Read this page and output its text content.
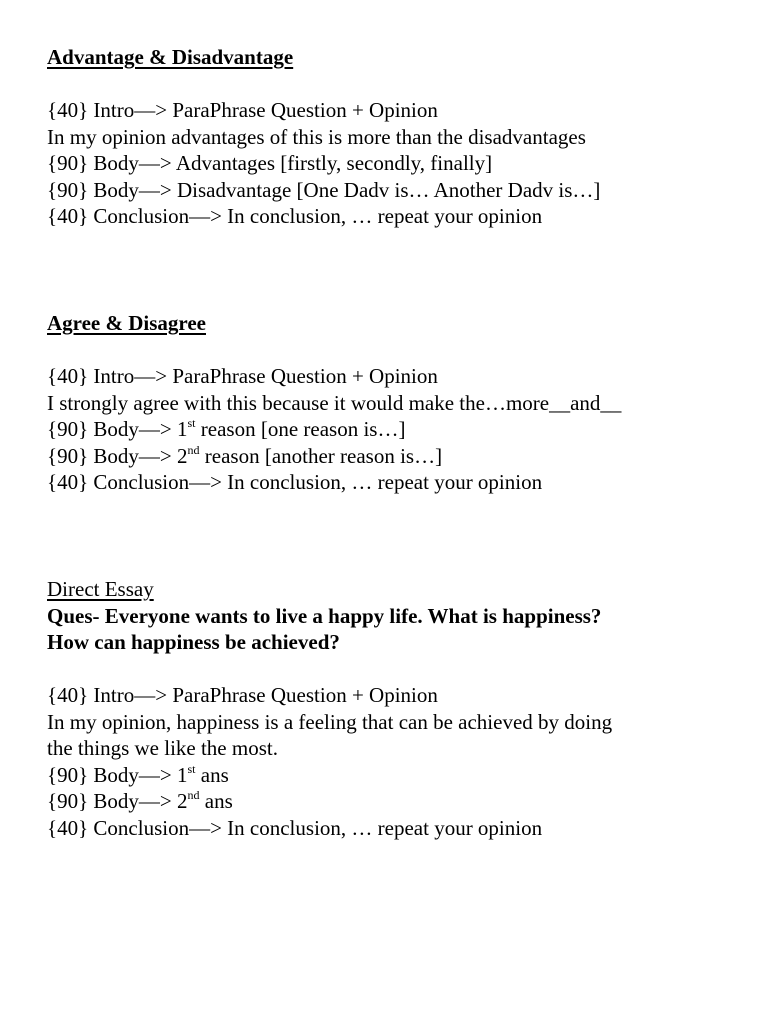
Advantage & Disadvantage
{40} Intro—> ParaPhrase Question + Opinion
In my opinion advantages of this is more than the disadvantages
{90} Body—> Advantages [firstly, secondly, finally]
{90} Body—> Disadvantage [One Dadv is… Another Dadv is…]
{40} Conclusion—> In conclusion, … repeat your opinion
Agree & Disagree
{40} Intro—> ParaPhrase Question + Opinion
I strongly agree with this because it would make the…more__and__
{90} Body—> 1st reason [one reason is…]
{90} Body—> 2nd reason [another reason is…]
{40} Conclusion—> In conclusion, … repeat your opinion
Direct Essay
Ques- Everyone wants to live a happy life. What is happiness?
How can happiness be achieved?
{40} Intro—> ParaPhrase Question + Opinion
In my opinion, happiness is a feeling that can be achieved by doing
the things we like the most.
{90} Body—> 1st ans
{90} Body—> 2nd ans
{40} Conclusion—> In conclusion, … repeat your opinion
